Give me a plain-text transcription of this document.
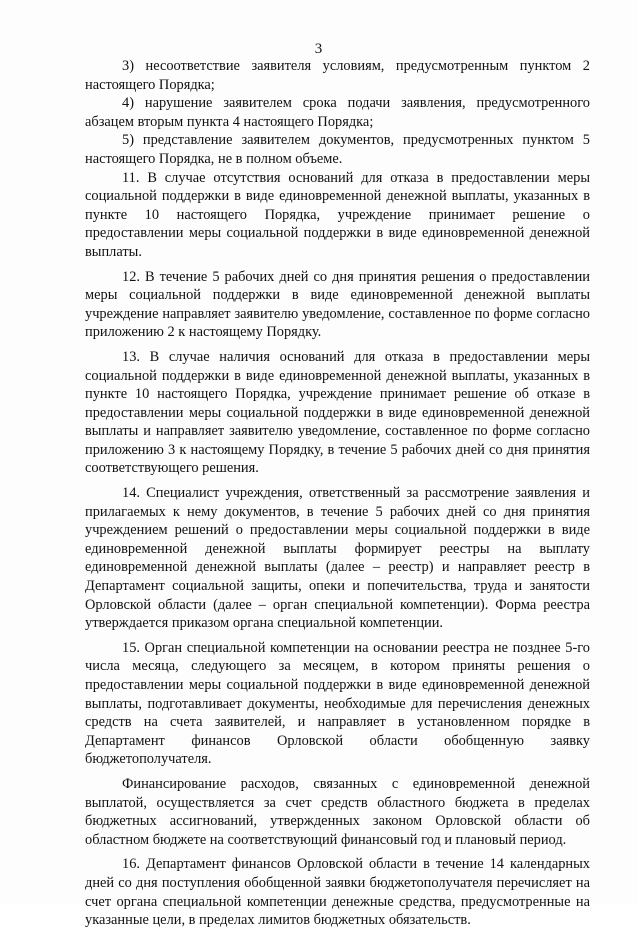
3

3) несоответствие заявителя условиям, предусмотренным пунктом 2 настоящего Порядка;

4) нарушение заявителем срока подачи заявления, предусмотренного абзацем вторым пункта 4 настоящего Порядка;

5) представление заявителем документов, предусмотренных пунктом 5 настоящего Порядка, не в полном объеме.

11. В случае отсутствия оснований для отказа в предоставлении меры социальной поддержки в виде единовременной денежной выплаты, указанных в пункте 10 настоящего Порядка, учреждение принимает решение о предоставлении меры социальной поддержки в виде единовременной денежной выплаты.

12. В течение 5 рабочих дней со дня принятия решения о предоставлении меры социальной поддержки в виде единовременной денежной выплаты учреждение направляет заявителю уведомление, составленное по форме согласно приложению 2 к настоящему Порядку.

13. В случае наличия оснований для отказа в предоставлении меры социальной поддержки в виде единовременной денежной выплаты, указанных в пункте 10 настоящего Порядка, учреждение принимает решение об отказе в предоставлении меры социальной поддержки в виде единовременной денежной выплаты и направляет заявителю уведомление, составленное по форме согласно приложению 3 к настоящему Порядку, в течение 5 рабочих дней со дня принятия соответствующего решения.

14. Специалист учреждения, ответственный за рассмотрение заявления и прилагаемых к нему документов, в течение 5 рабочих дней со дня принятия учреждением решений о предоставлении меры социальной поддержки в виде единовременной денежной выплаты формирует реестры на выплату единовременной денежной выплаты (далее – реестр) и направляет реестр в Департамент социальной защиты, опеки и попечительства, труда и занятости Орловской области (далее – орган специальной компетенции). Форма реестра утверждается приказом органа специальной компетенции.

15. Орган специальной компетенции на основании реестра не позднее 5-го числа месяца, следующего за месяцем, в котором приняты решения о предоставлении меры социальной поддержки в виде единовременной денежной выплаты, подготавливает документы, необходимые для перечисления денежных средств на счета заявителей, и направляет в установленном порядке в Департамент финансов Орловской области обобщенную заявку бюджетополучателя.

Финансирование расходов, связанных с единовременной денежной выплатой, осуществляется за счет средств областного бюджета в пределах бюджетных ассигнований, утвержденных законом Орловской области об областном бюджете на соответствующий финансовый год и плановый период.

16. Департамент финансов Орловской области в течение 14 календарных дней со дня поступления обобщенной заявки бюджетополучателя перечисляет на счет органа специальной компетенции денежные средства, предусмотренные на указанные цели, в пределах лимитов бюджетных обязательств.
